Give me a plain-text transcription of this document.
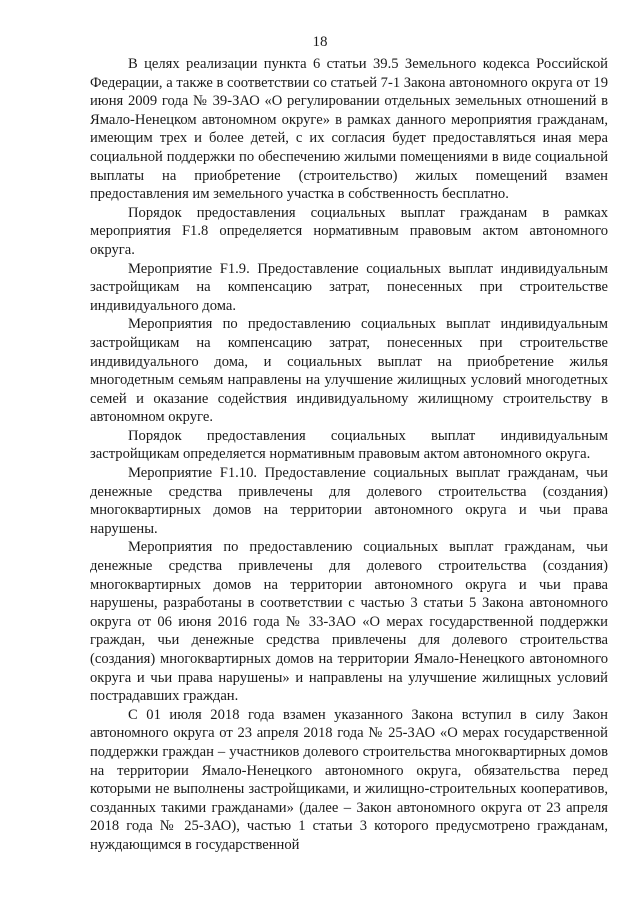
18

В целях реализации пункта 6 статьи 39.5 Земельного кодекса Российской Федерации, а также в соответствии со статьей 7-1 Закона автономного округа от 19 июня 2009 года № 39-ЗАО «О регулировании отдельных земельных отношений в Ямало-Ненецком автономном округе» в рамках данного мероприятия гражданам, имеющим трех и более детей, с их согласия будет предоставляться иная мера социальной поддержки по обеспечению жилыми помещениями в виде социальной выплаты на приобретение (строительство) жилых помещений взамен предоставления им земельного участка в собственность бесплатно.

Порядок предоставления социальных выплат гражданам в рамках мероприятия F1.8 определяется нормативным правовым актом автономного округа.

Мероприятие F1.9. Предоставление социальных выплат индивидуальным застройщикам на компенсацию затрат, понесенных при строительстве индивидуального дома.

Мероприятия по предоставлению социальных выплат индивидуальным застройщикам на компенсацию затрат, понесенных при строительстве индивидуального дома, и социальных выплат на приобретение жилья многодетным семьям направлены на улучшение жилищных условий многодетных семей и оказание содействия индивидуальному жилищному строительству в автономном округе.

Порядок предоставления социальных выплат индивидуальным застройщикам определяется нормативным правовым актом автономного округа.

Мероприятие F1.10. Предоставление социальных выплат гражданам, чьи денежные средства привлечены для долевого строительства (создания) многоквартирных домов на территории автономного округа и чьи права нарушены.

Мероприятия по предоставлению социальных выплат гражданам, чьи денежные средства привлечены для долевого строительства (создания) многоквартирных домов на территории автономного округа и чьи права нарушены, разработаны в соответствии с частью 3 статьи 5 Закона автономного округа от 06 июня 2016 года № 33-ЗАО «О мерах государственной поддержки граждан, чьи денежные средства привлечены для долевого строительства (создания) многоквартирных домов на территории Ямало-Ненецкого автономного округа и чьи права нарушены» и направлены на улучшение жилищных условий пострадавших граждан.

С 01 июля 2018 года взамен указанного Закона вступил в силу Закон автономного округа от 23 апреля 2018 года № 25-ЗАО «О мерах государственной поддержки граждан – участников долевого строительства многоквартирных домов на территории Ямало-Ненецкого автономного округа, обязательства перед которыми не выполнены застройщиками, и жилищно-строительных кооперативов, созданных такими гражданами» (далее – Закон автономного округа от 23 апреля 2018 года № 25-ЗАО), частью 1 статьи 3 которого предусмотрено гражданам, нуждающимся в государственной
